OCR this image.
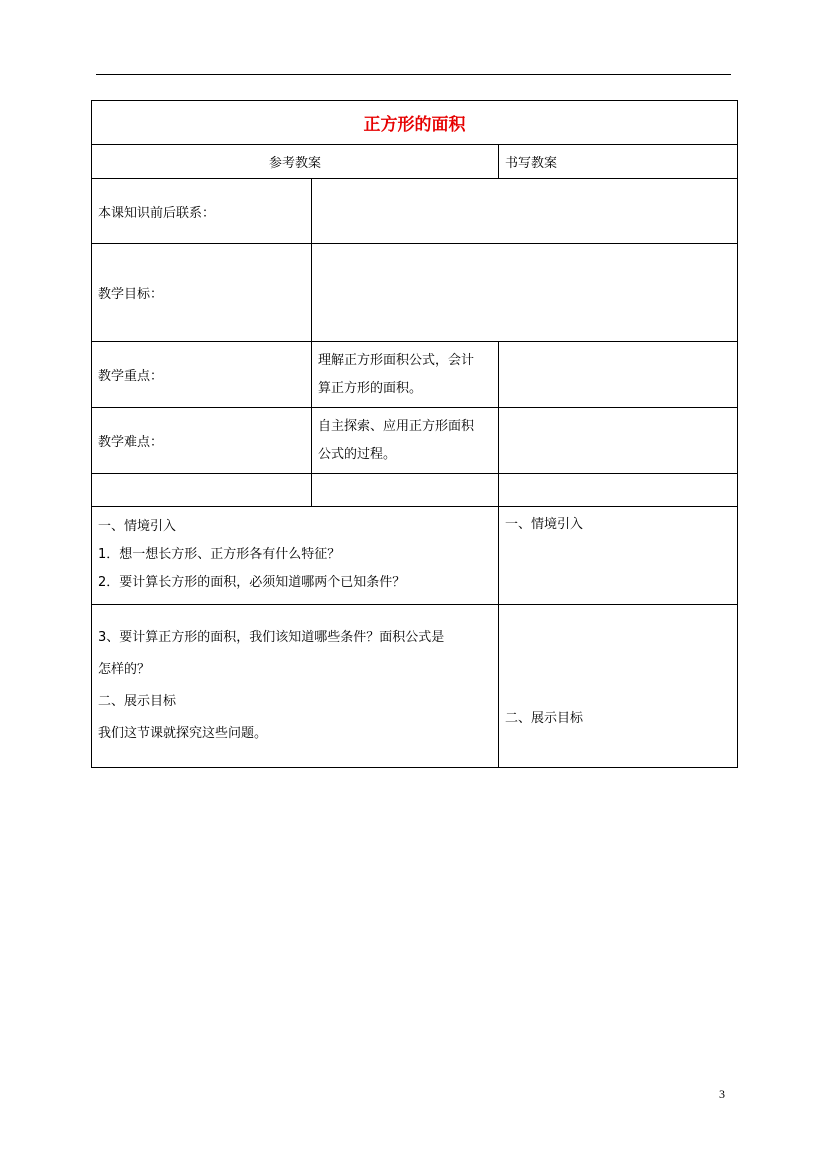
正方形的面积		
参考教案		书写教案
本课知识前后联系：		
教学目标：		
教学重点：	理解正方形面积公式，会计
算正方形的面积。	

教学难点：	自主探索、应用正方形面积
公式的过程。	

一、情境引入
1．想一想长方形、正方形各有什么特征？
2．要计算长方形的面积，必须知道哪两个已知条件？		一、情境引入

3、要计算正方形的面积，我们该知道哪些条件？面积公式是
怎样的？
二、展示目标
我们这节课就探究这些问题。		二、展示目标
3
